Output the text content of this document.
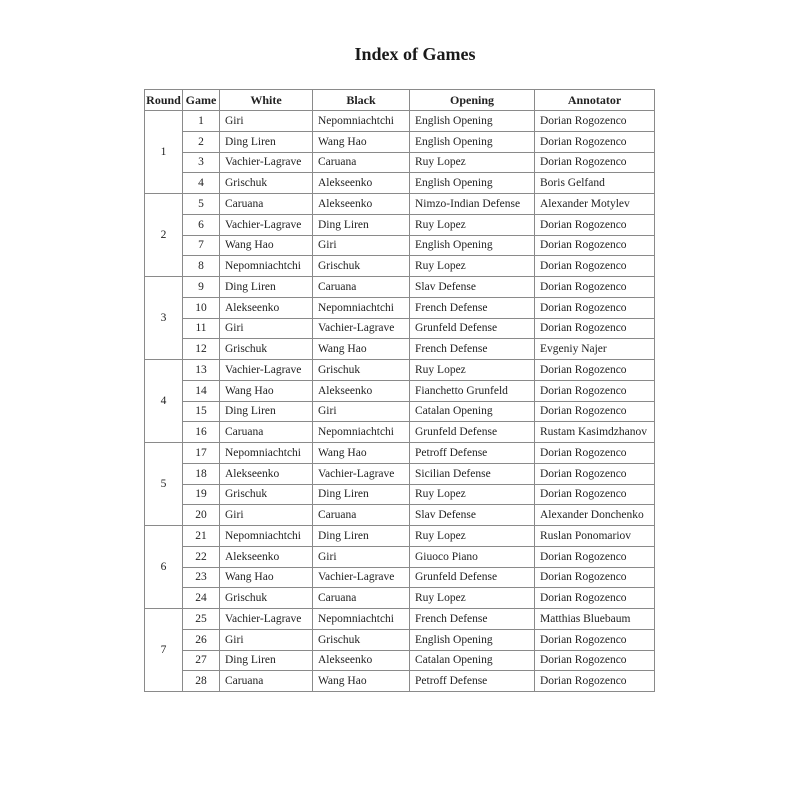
Index of Games
Round	Game	White	Black	Opening	Annotator
1	1	Giri	Nepomniachtchi	English Opening	Dorian Rogozenco
	2	Ding Liren	Wang Hao	English Opening	Dorian Rogozenco
	3	Vachier-Lagrave	Caruana	Ruy Lopez	Dorian Rogozenco
	4	Grischuk	Alekseenko	English Opening	Boris Gelfand
2	5	Caruana	Alekseenko	Nimzo-Indian Defense	Alexander Motylev
	6	Vachier-Lagrave	Ding Liren	Ruy Lopez	Dorian Rogozenco
	7	Wang Hao	Giri	English Opening	Dorian Rogozenco
	8	Nepomniachtchi	Grischuk	Ruy Lopez	Dorian Rogozenco
3	9	Ding Liren	Caruana	Slav Defense	Dorian Rogozenco
	10	Alekseenko	Nepomniachtchi	French Defense	Dorian Rogozenco
	11	Giri	Vachier-Lagrave	Grunfeld Defense	Dorian Rogozenco
	12	Grischuk	Wang Hao	French Defense	Evgeniy Najer
4	13	Vachier-Lagrave	Grischuk	Ruy Lopez	Dorian Rogozenco
	14	Wang Hao	Alekseenko	Fianchetto Grunfeld	Dorian Rogozenco
	15	Ding Liren	Giri	Catalan Opening	Dorian Rogozenco
	16	Caruana	Nepomniachtchi	Grunfeld Defense	Rustam Kasimdzhanov
5	17	Nepomniachtchi	Wang Hao	Petroff Defense	Dorian Rogozenco
	18	Alekseenko	Vachier-Lagrave	Sicilian Defense	Dorian Rogozenco
	19	Grischuk	Ding Liren	Ruy Lopez	Dorian Rogozenco
	20	Giri	Caruana	Slav Defense	Alexander Donchenko
6	21	Nepomniachtchi	Ding Liren	Ruy Lopez	Ruslan Ponomariov
	22	Alekseenko	Giri	Giuoco Piano	Dorian Rogozenco
	23	Wang Hao	Vachier-Lagrave	Grunfeld Defense	Dorian Rogozenco
	24	Grischuk	Caruana	Ruy Lopez	Dorian Rogozenco
7	25	Vachier-Lagrave	Nepomniachtchi	French Defense	Matthias Bluebaum
	26	Giri	Grischuk	English Opening	Dorian Rogozenco
	27	Ding Liren	Alekseenko	Catalan Opening	Dorian Rogozenco
	28	Caruana	Wang Hao	Petroff Defense	Dorian Rogozenco
